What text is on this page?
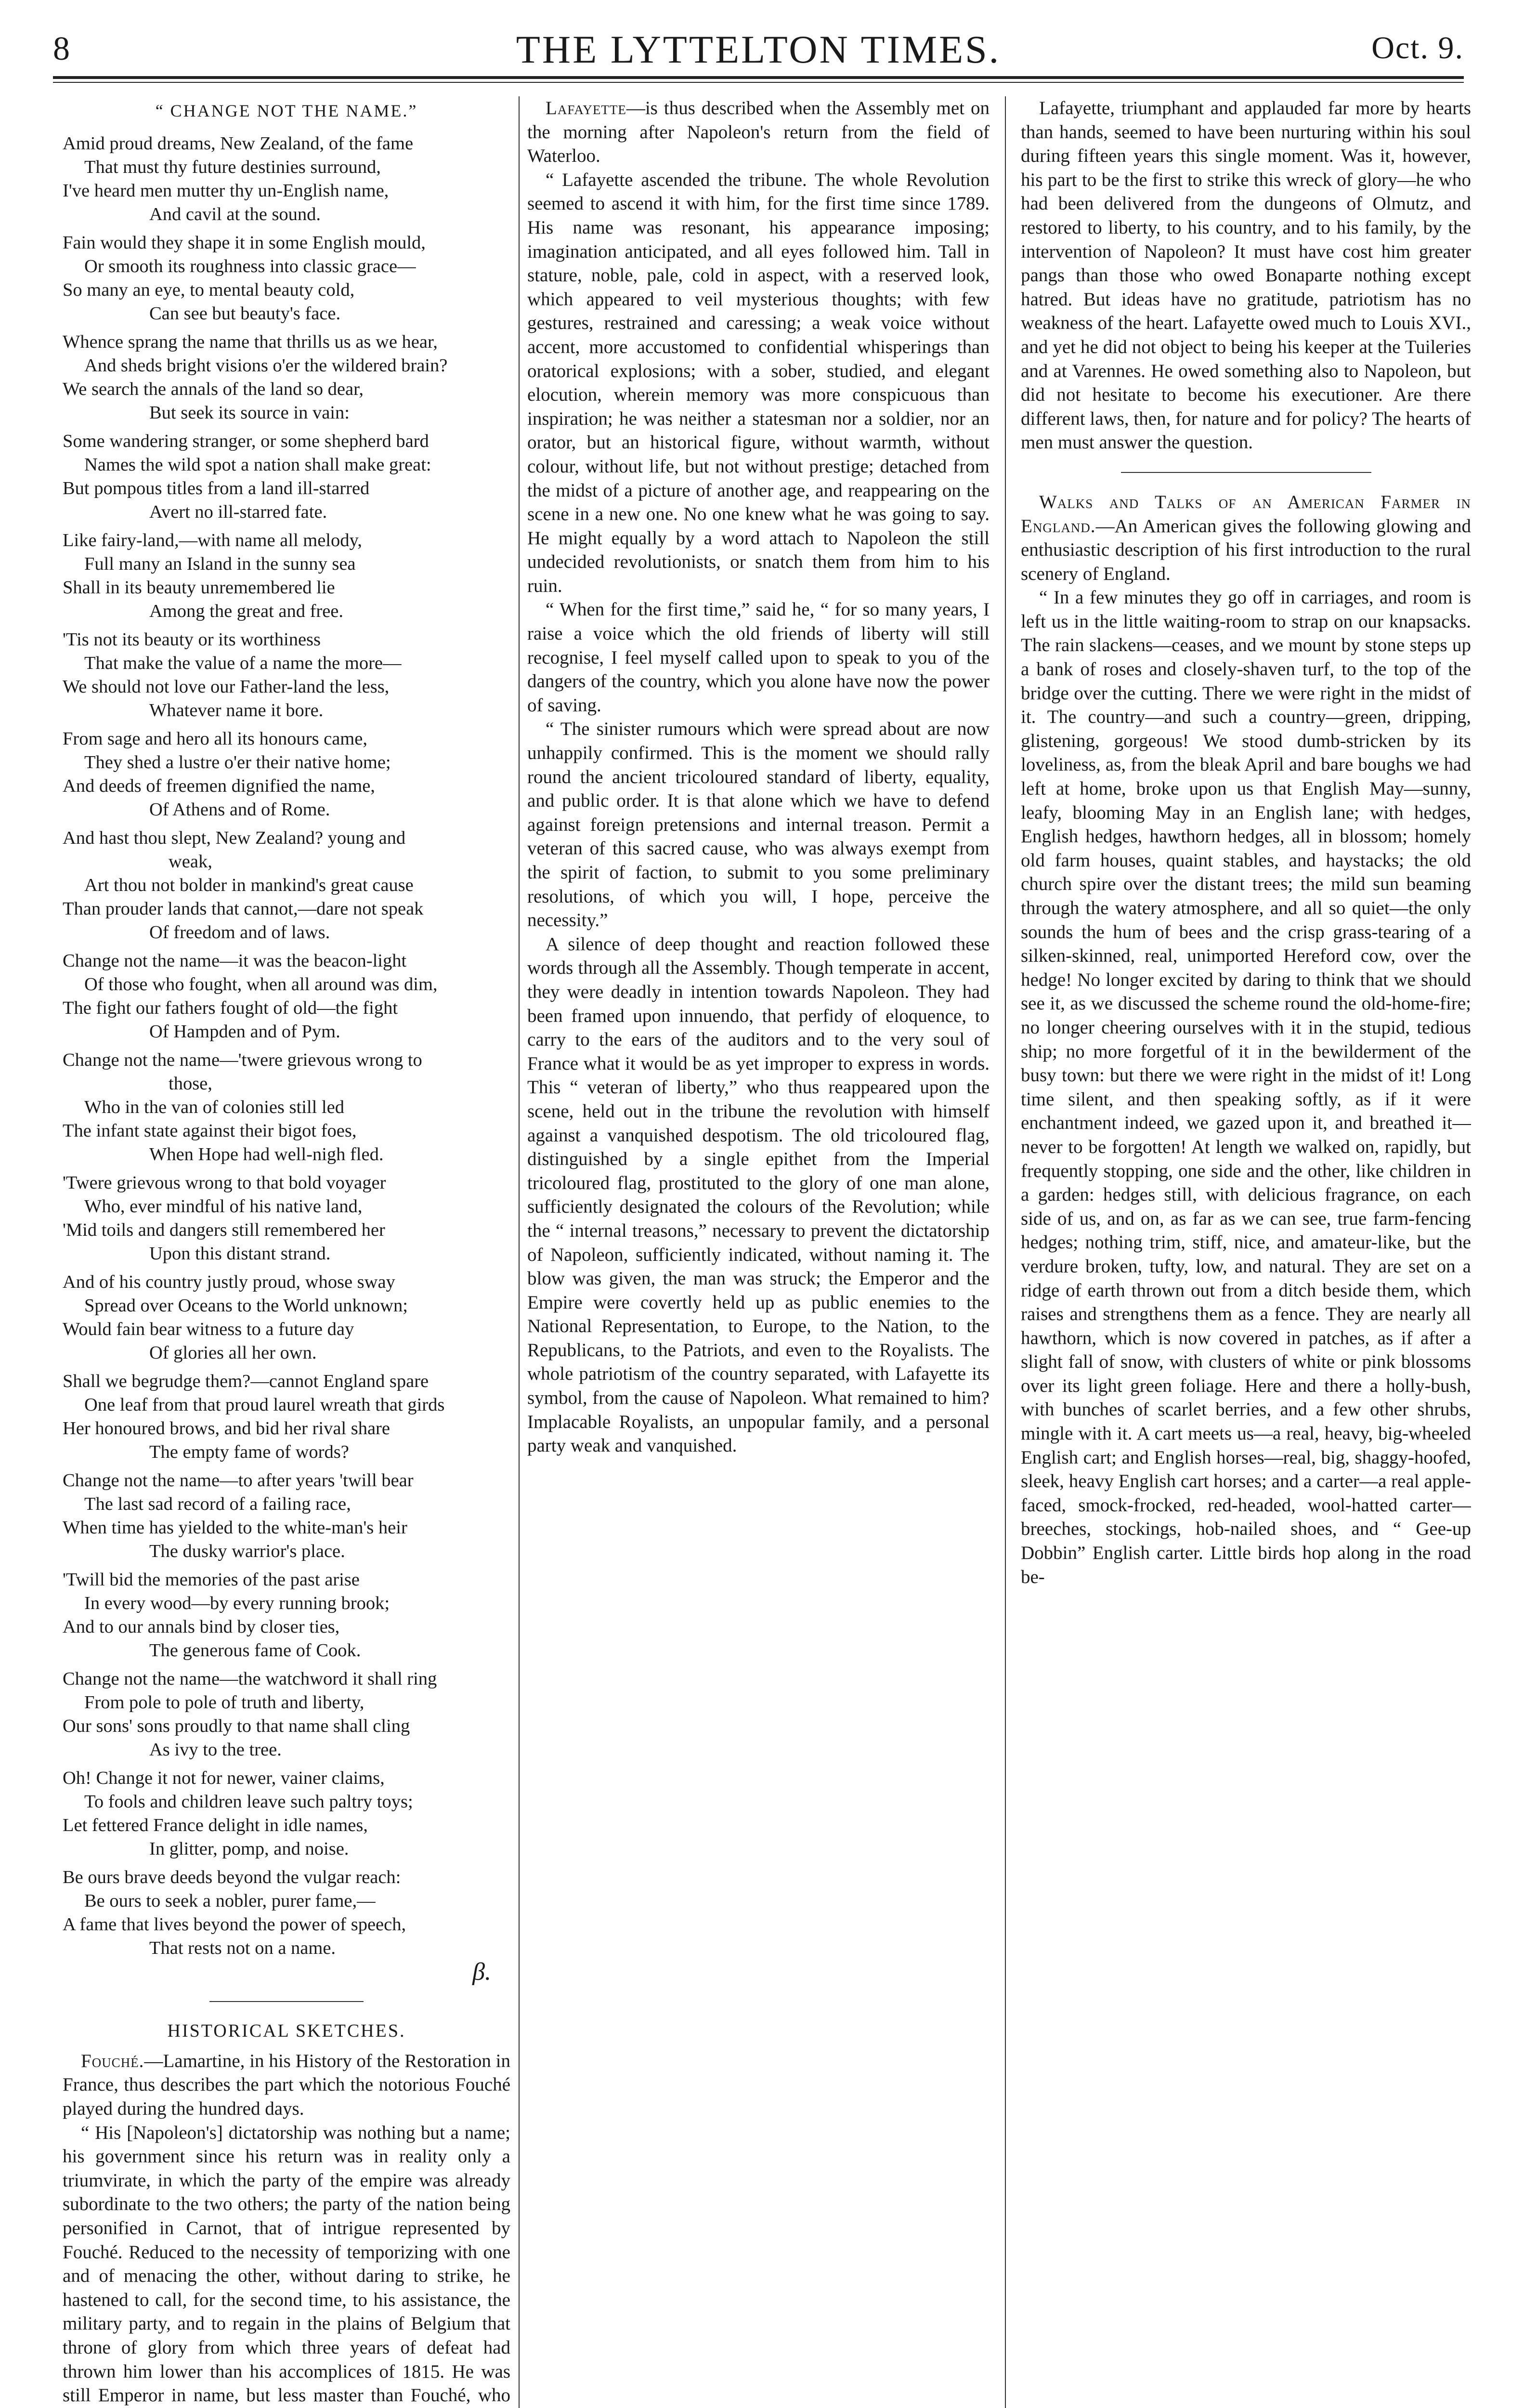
8	THE LYTTELTON TIMES.	Oct. 9.
“ CHANGE NOT THE NAME.”
Amid proud dreams, New Zealand, of the fame
That must thy future destinies surround,
I've heard men mutter thy un-English name,
And cavil at the sound.
Fain would they shape it in some English mould,
Or smooth its roughness into classic grace—
So many an eye, to mental beauty cold,
Can see but beauty's face.
Whence sprang the name that thrills us as we hear,
And sheds bright visions o'er the wildered brain?
We search the annals of the land so dear,
But seek its source in vain:
Some wandering stranger, or some shepherd bard
Names the wild spot a nation shall make great:
But pompous titles from a land ill-starred
Avert no ill-starred fate.
Like fairy-land,—with name all melody,
Full many an Island in the sunny sea
Shall in its beauty unremembered lie
Among the great and free.
'Tis not its beauty or its worthiness
That make the value of a name the more—
We should not love our Father-land the less,
Whatever name it bore.
From sage and hero all its honours came,
They shed a lustre o'er their native home;
And deeds of freemen dignified the name,
Of Athens and of Rome.
And hast thou slept, New Zealand? young and
weak,
Art thou not bolder in mankind's great cause
Than prouder lands that cannot,—dare not speak
Of freedom and of laws.
Change not the name—it was the beacon-light
Of those who fought, when all around was dim,
The fight our fathers fought of old—the fight
Of Hampden and of Pym.
Change not the name—'twere grievous wrong to
those,
Who in the van of colonies still led
The infant state against their bigot foes,
When Hope had well-nigh fled.
'Twere grievous wrong to that bold voyager
Who, ever mindful of his native land,
'Mid toils and dangers still remembered her
Upon this distant strand.
And of his country justly proud, whose sway
Spread over Oceans to the World unknown;
Would fain bear witness to a future day
Of glories all her own.
Shall we begrudge them?—cannot England spare
One leaf from that proud laurel wreath that girds
Her honoured brows, and bid her rival share
The empty fame of words?
Change not the name—to after years 'twill bear
The last sad record of a failing race,
When time has yielded to the white-man's heir
The dusky warrior's place.
'Twill bid the memories of the past arise
In every wood—by every running brook;
And to our annals bind by closer ties,
The generous fame of Cook.
Change not the name—the watchword it shall ring
From pole to pole of truth and liberty,
Our sons' sons proudly to that name shall cling
As ivy to the tree.
Oh! Change it not for newer, vainer claims,
To fools and children leave such paltry toys;
Let fettered France delight in idle names,
In glitter, pomp, and noise.
Be ours brave deeds beyond the vulgar reach:
Be ours to seek a nobler, purer fame,—
A fame that lives beyond the power of speech,
That rests not on a name.
β.
HISTORICAL SKETCHES.

Fouché.—Lamartine, in his History of the Restoration in France, thus describes the part which the notorious Fouché played during the hundred days.

“ His [Napoleon's] dictatorship was nothing but a name; his government since his return was in reality only a triumvirate, in which the party of the empire was already subordinate to the two others; the party of the nation being personified in Carnot, that of intrigue represented by Fouché. Reduced to the necessity of temporizing with one and of menacing the other, without daring to strike, he hastened to call, for the second time, to his assistance, the military party, and to regain in the plains of Belgium that throne of glory from which three years of defeat had thrown him lower than his accomplices of 1815. He was still Emperor in name, but less master than Fouché, who

Lafayette—is thus described when the Assembly met on the morning after Napoleon's return from the field of Waterloo.

“ Lafayette ascended the tribune. The whole Revolution seemed to ascend it with him, for the first time since 1789. His name was resonant, his appearance imposing; imagination anticipated, and all eyes followed him. Tall in stature, noble, pale, cold in aspect, with a reserved look, which appeared to veil mysterious thoughts; with few gestures, restrained and caressing; a weak voice without accent, more accustomed to confidential whisperings than oratorical explosions; with a sober, studied, and elegant elocution, wherein memory was more conspicuous than inspiration; he was neither a statesman nor a soldier, nor an orator, but an historical figure, without warmth, without colour, without life, but not without prestige; detached from the midst of a picture of another age, and reappearing on the scene in a new one. No one knew what he was going to say. He might equally by a word attach to Napoleon the still undecided revolutionists, or snatch them from him to his ruin.

“ When for the first time,” said he, “ for so many years, I raise a voice which the old friends of liberty will still recognise, I feel myself called upon to speak to you of the dangers of the country, which you alone have now the power of saving.

“ The sinister rumours which were spread about are now unhappily confirmed. This is the moment we should rally round the ancient tricoloured standard of liberty, equality, and public order. It is that alone which we have to defend against foreign pretensions and internal treason. Permit a veteran of this sacred cause, who was always exempt from the spirit of faction, to submit to you some preliminary resolutions, of which you will, I hope, perceive the necessity.”

A silence of deep thought and reaction followed these words through all the Assembly. Though temperate in accent, they were deadly in intention towards Napoleon. They had been framed upon innuendo, that perfidy of eloquence, to carry to the ears of the auditors and to the very soul of France what it would be as yet improper to express in words. This “ veteran of liberty,” who thus reappeared upon the scene, held out in the tribune the revolution with himself against a vanquished despotism. The old tricoloured flag, distinguished by a single epithet from the Imperial tricoloured flag, prostituted to the glory of one man alone, sufficiently designated the colours of the Revolution; while the “ internal treasons,” necessary to prevent the dictatorship of Napoleon, sufficiently indicated, without naming it. The blow was given, the man was struck; the Emperor and the Empire were covertly held up as public enemies to the National Representation, to Europe, to the Nation, to the Republicans, to the Patriots, and even to the Royalists. The whole patriotism of the country separated, with Lafayette its symbol, from the cause of Napoleon. What remained to him? Implacable Royalists, an unpopular family, and a personal party weak and vanquished.

Lafayette, triumphant and applauded far more by hearts than hands, seemed to have been nurturing within his soul during fifteen years this single moment. Was it, however, his part to be the first to strike this wreck of glory—he who had been delivered from the dungeons of Olmutz, and restored to liberty, to his country, and to his family, by the intervention of Napoleon? It must have cost him greater pangs than those who owed Bonaparte nothing except hatred. But ideas have no gratitude, patriotism has no weakness of the heart. Lafayette owed much to Louis XVI., and yet he did not object to being his keeper at the Tuileries and at Varennes. He owed something also to Napoleon, but did not hesitate to become his executioner. Are there different laws, then, for nature and for policy? The hearts of men must answer the question.

Walks and Talks of an American Farmer in England.—An American gives the following glowing and enthusiastic description of his first introduction to the rural scenery of England.

“ In a few minutes they go off in carriages, and room is left us in the little waiting-room to strap on our knapsacks. The rain slackens—ceases, and we mount by stone steps up a bank of roses and closely-shaven turf, to the top of the bridge over the cutting. There we were right in the midst of it. The country—and such a country—green, dripping, glistening, gorgeous! We stood dumb-stricken by its loveliness, as, from the bleak April and bare boughs we had left at home, broke upon us that English May—sunny, leafy, blooming May in an English lane; with hedges, English hedges, hawthorn hedges, all in blossom; homely old farm houses, quaint stables, and haystacks; the old church spire over the distant trees; the mild sun beaming through the watery atmosphere, and all so quiet—the only sounds the hum of bees and the crisp grass-tearing of a silken-skinned, real, unimported Hereford cow, over the hedge! No longer excited by daring to think that we should see it, as we discussed the scheme round the old-home-fire; no longer cheering ourselves with it in the stupid, tedious ship; no more forgetful of it in the bewilderment of the busy town: but there we were right in the midst of it! Long time silent, and then speaking softly, as if it were enchantment indeed, we gazed upon it, and breathed it—never to be forgotten! At length we walked on, rapidly, but frequently stopping, one side and the other, like children in a garden: hedges still, with delicious fragrance, on each side of us, and on, as far as we can see, true farm-fencing hedges; nothing trim, stiff, nice, and amateur-like, but the verdure broken, tufty, low, and natural. They are set on a ridge of earth thrown out from a ditch beside them, which raises and strengthens them as a fence. They are nearly all hawthorn, which is now covered in patches, as if after a slight fall of snow, with clusters of white or pink blossoms over its light green foliage. Here and there a holly-bush, with bunches of scarlet berries, and a few other shrubs, mingle with it. A cart meets us—a real, heavy, big-wheeled English cart; and English horses—real, big, shaggy-hoofed, sleek, heavy English cart horses; and a carter—a real apple-faced, smock-frocked, red-headed, wool-hatted carter—breeches, stockings, hob-nailed shoes, and “ Gee-up Dobbin” English carter. Little birds hop along in the road be-
